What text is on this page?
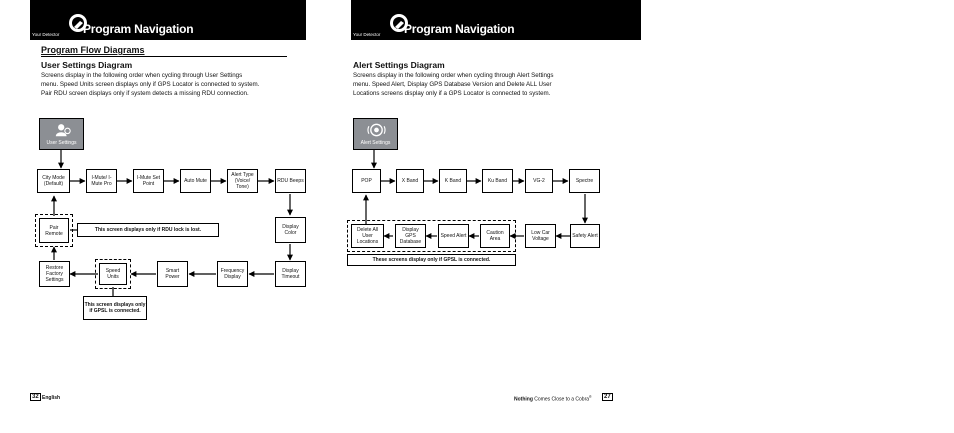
Your Detector Program Navigation
Program Flow Diagrams
User Settings Diagram
Screens display in the following order when cycling through User Settings
menu. Speed Units screen displays only if GPS Locator is connected to system.
Pair RDU screen displays only if system detects a missing RDU connection.
User Settings
City Mode (Default)
I-Mute/ I-Mute Pro
I-Mute Set Point	Auto Mute
Alert Type (Voice/ Tone)
RDU Beeps
Display Color
Display Timeout
Frequency Display
Smart Power
Speed Units
Restore Factory Settings
Pair Remote
This screen displays only if RDU lock is lost.
This screen displays only if GPSL is connected.
32 English
Your Detector Program Navigation
Alert Settings Diagram
Screens display in the following order when cycling through Alert Settings
menu. Speed Alert, Display GPS Database Version and Delete ALL User
Locations screens display only if a GPS Locator is connected to system.
Alert Settings
POP	X Band	K Band	Ku Band	VG-2	Spectre
Safety Alert
Low Car Voltage
Caution Area
Speed Alert
Display GPS Database
Delete All User Locations
These screens display only if GPSL is connected.
Nothing Comes Close to a Cobra®	27
